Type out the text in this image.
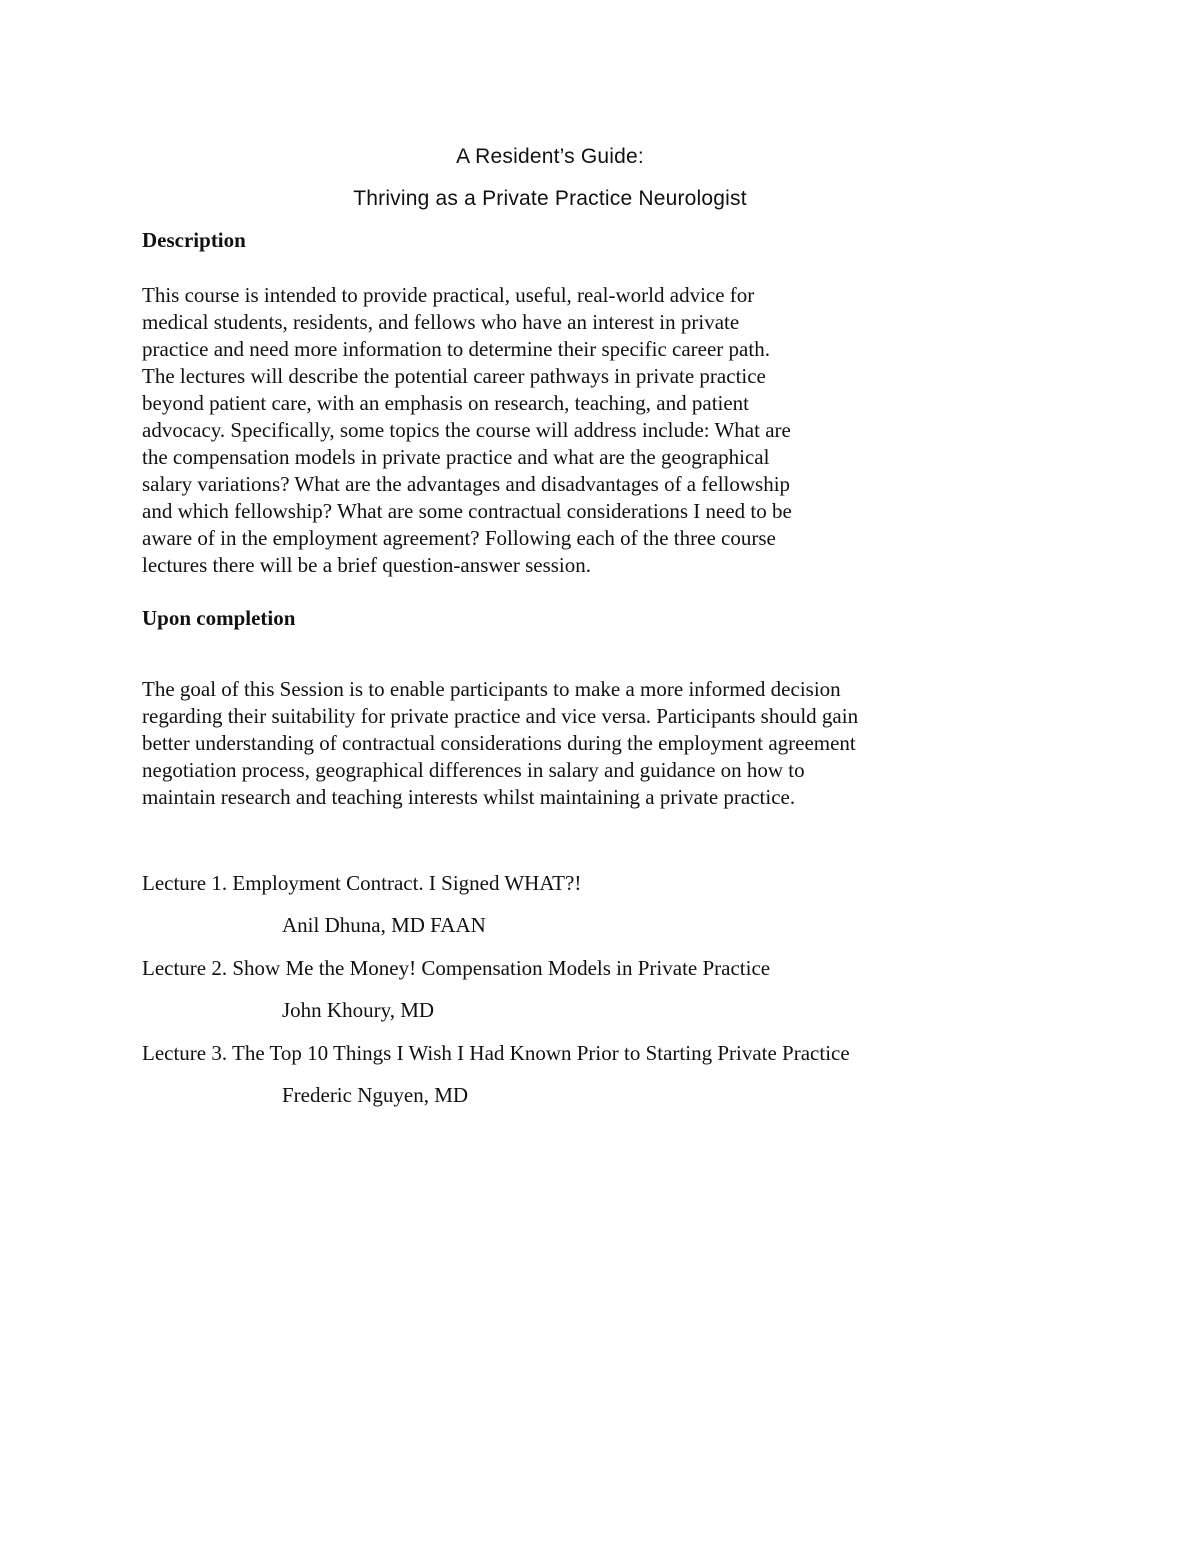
A Resident’s Guide:
Thriving as a Private Practice Neurologist
Description
This course is intended to provide practical, useful, real-world advice for
medical students, residents, and fellows who have an interest in private
practice and need more information to determine their specific career path.
The lectures will describe the potential career pathways in private practice
beyond patient care, with an emphasis on research, teaching, and patient
advocacy. Specifically, some topics the course will address include: What are
the compensation models in private practice and what are the geographical
salary variations? What are the advantages and disadvantages of a fellowship
and which fellowship? What are some contractual considerations I need to be
aware of in the employment agreement? Following each of the three course
lectures there will be a brief question-answer session.
Upon completion
The goal of this Session is to enable participants to make a more informed decision
regarding their suitability for private practice and vice versa. Participants should gain
better understanding of contractual considerations during the employment agreement
negotiation process, geographical differences in salary and guidance on how to
maintain research and teaching interests whilst maintaining a private practice.
Lecture 1. Employment Contract. I Signed WHAT?!
Anil Dhuna, MD FAAN
Lecture 2. Show Me the Money! Compensation Models in Private Practice
John Khoury, MD
Lecture 3. The Top 10 Things I Wish I Had Known Prior to Starting Private Practice
Frederic Nguyen, MD
